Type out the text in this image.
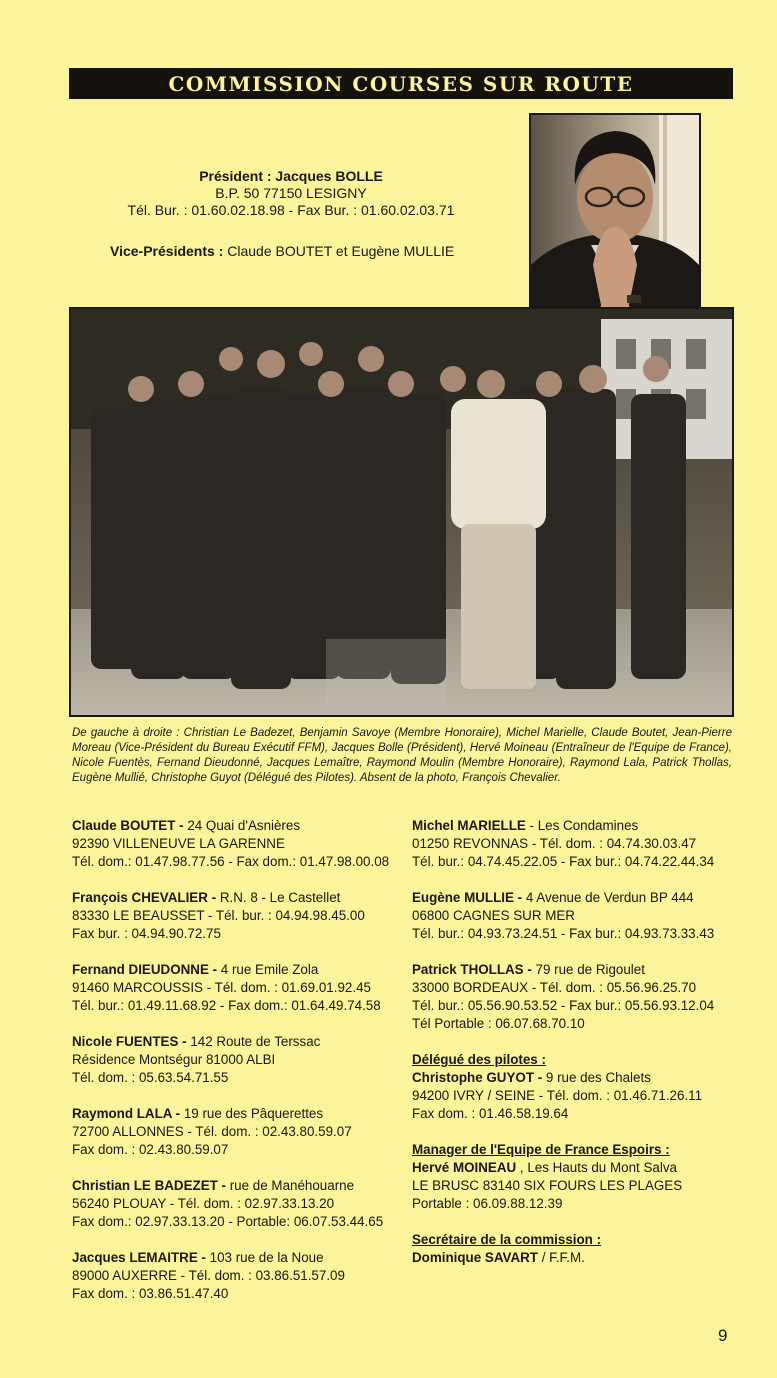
COMMISSION COURSES SUR ROUTE
Président : Jacques BOLLE
B.P. 50 77150 LESIGNY
Tél. Bur. : 01.60.02.18.98 - Fax Bur. : 01.60.02.03.71
Vice-Présidents : Claude BOUTET et Eugène MULLIE
De gauche à droite : Christian Le Badezet, Benjamin Savoye (Membre Honoraire), Michel Marielle, Claude Boutet, Jean-Pierre Moreau (Vice-Président du Bureau Exécutif FFM), Jacques Bolle (Président), Hervé Moineau (Entraîneur de l'Equipe de France), Nicole Fuentès, Fernand Dieudonné, Jacques Lemaître, Raymond Moulin (Membre Honoraire), Raymond Lala, Patrick Thollas, Eugène Mullié, Christophe Guyot (Délégué des Pilotes). Absent de la photo, François Chevalier.
Claude BOUTET - 24 Quai d'Asnières
92390 VILLENEUVE LA GARENNE
Tél. dom.: 01.47.98.77.56 - Fax dom.: 01.47.98.00.08
François CHEVALIER - R.N. 8 - Le Castellet
83330 LE BEAUSSET - Tél. bur. : 04.94.98.45.00
Fax bur. : 04.94.90.72.75
Fernand DIEUDONNE - 4 rue Emile Zola
91460 MARCOUSSIS - Tél. dom. : 01.69.01.92.45
Tél. bur.: 01.49.11.68.92 - Fax dom.: 01.64.49.74.58
Nicole FUENTES - 142 Route de Terssac
Résidence Montségur 81000 ALBI
Tél. dom. : 05.63.54.71.55
Raymond LALA - 19 rue des Pâquerettes
72700 ALLONNES - Tél. dom. : 02.43.80.59.07
Fax dom. : 02.43.80.59.07
Christian LE BADEZET - rue de Manéhouarne
56240 PLOUAY - Tél. dom. : 02.97.33.13.20
Fax dom.: 02.97.33.13.20 - Portable: 06.07.53.44.65
Jacques LEMAITRE - 103 rue de la Noue
89000 AUXERRE - Tél. dom. : 03.86.51.57.09
Fax dom. : 03.86.51.47.40
Michel MARIELLE - Les Condamines
01250 REVONNAS - Tél. dom. : 04.74.30.03.47
Tél. bur.: 04.74.45.22.05 - Fax bur.: 04.74.22.44.34
Eugène MULLIE - 4 Avenue de Verdun BP 444
06800 CAGNES SUR MER
Tél. bur.: 04.93.73.24.51 - Fax bur.: 04.93.73.33.43
Patrick THOLLAS - 79 rue de Rigoulet
33000 BORDEAUX - Tél. dom. : 05.56.96.25.70
Tél. bur.: 05.56.90.53.52 - Fax bur.: 05.56.93.12.04
Tél Portable : 06.07.68.70.10
Délégué des pilotes :
Christophe GUYOT - 9 rue des Chalets
94200 IVRY / SEINE - Tél. dom. : 01.46.71.26.11
Fax dom. : 01.46.58.19.64
Manager de l'Equipe de France Espoirs :
Hervé MOINEAU , Les Hauts du Mont Salva
LE BRUSC 83140 SIX FOURS LES PLAGES
Portable : 06.09.88.12.39
Secrétaire de la commission :
Dominique SAVART / F.F.M.
9
